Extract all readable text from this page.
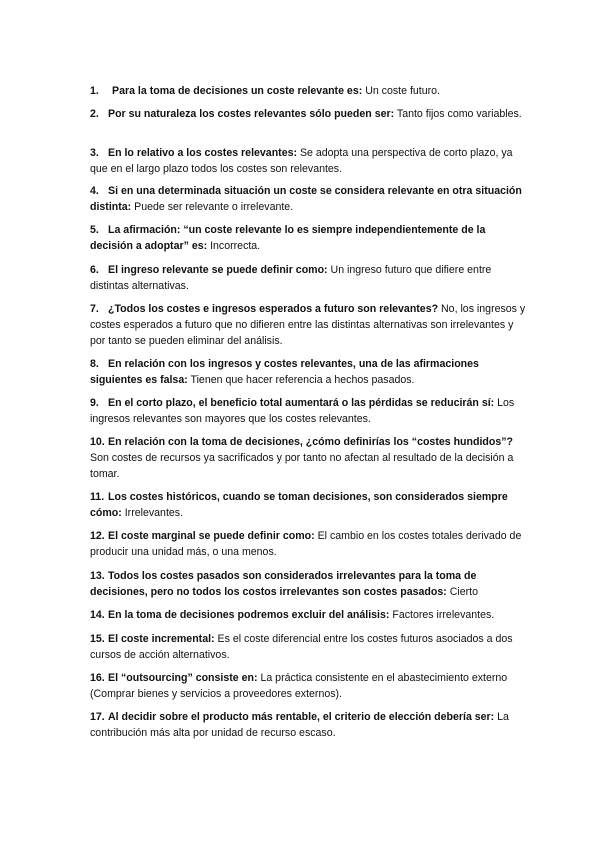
1.	Para la toma de decisiones un coste relevante es: Un coste futuro.
2. Por su naturaleza los costes relevantes sólo pueden ser: Tanto fijos como variables.
3. En lo relativo a los costes relevantes: Se adopta una perspectiva de corto plazo, ya que en el largo plazo todos los costes son relevantes.
4. Si en una determinada situación un coste se considera relevante en otra situación distinta: Puede ser relevante o irrelevante.
5. La afirmación: “un coste relevante lo es siempre independientemente de la decisión a adoptar” es: Incorrecta.
6. El ingreso relevante se puede definir como: Un ingreso futuro que difiere entre distintas alternativas.
7. ¿Todos los costes e ingresos esperados a futuro son relevantes? No, los ingresos y costes esperados a futuro que no difieren entre las distintas alternativas son irrelevantes y por tanto se pueden eliminar del análisis.
8. En relación con los ingresos y costes relevantes, una de las afirmaciones siguientes es falsa: Tienen que hacer referencia a hechos pasados.
9. En el corto plazo, el beneficio total aumentará o las pérdidas se reducirán sí: Los ingresos relevantes son mayores que los costes relevantes.
10. En relación con la toma de decisiones, ¿cómo definirías los “costes hundidos”? Son costes de recursos ya sacrificados y por tanto no afectan al resultado de la decisión a tomar.
11. Los costes históricos, cuando se toman decisiones, son considerados siempre cómo: Irrelevantes.
12. El coste marginal se puede definir como: El cambio en los costes totales derivado de producir una unidad más, o una menos.
13. Todos los costes pasados son considerados irrelevantes para la toma de decisiones, pero no todos los costos irrelevantes son costes pasados: Cierto
14. En la toma de decisiones podremos excluir del análisis: Factores irrelevantes.
15. El coste incremental: Es el coste diferencial entre los costes futuros asociados a dos cursos de acción alternativos.
16. El “outsourcing” consiste en: La práctica consistente en el abastecimiento externo (Comprar bienes y servicios a proveedores externos).
17. Al decidir sobre el producto más rentable, el criterio de elección debería ser: La contribución más alta por unidad de recurso escaso.
